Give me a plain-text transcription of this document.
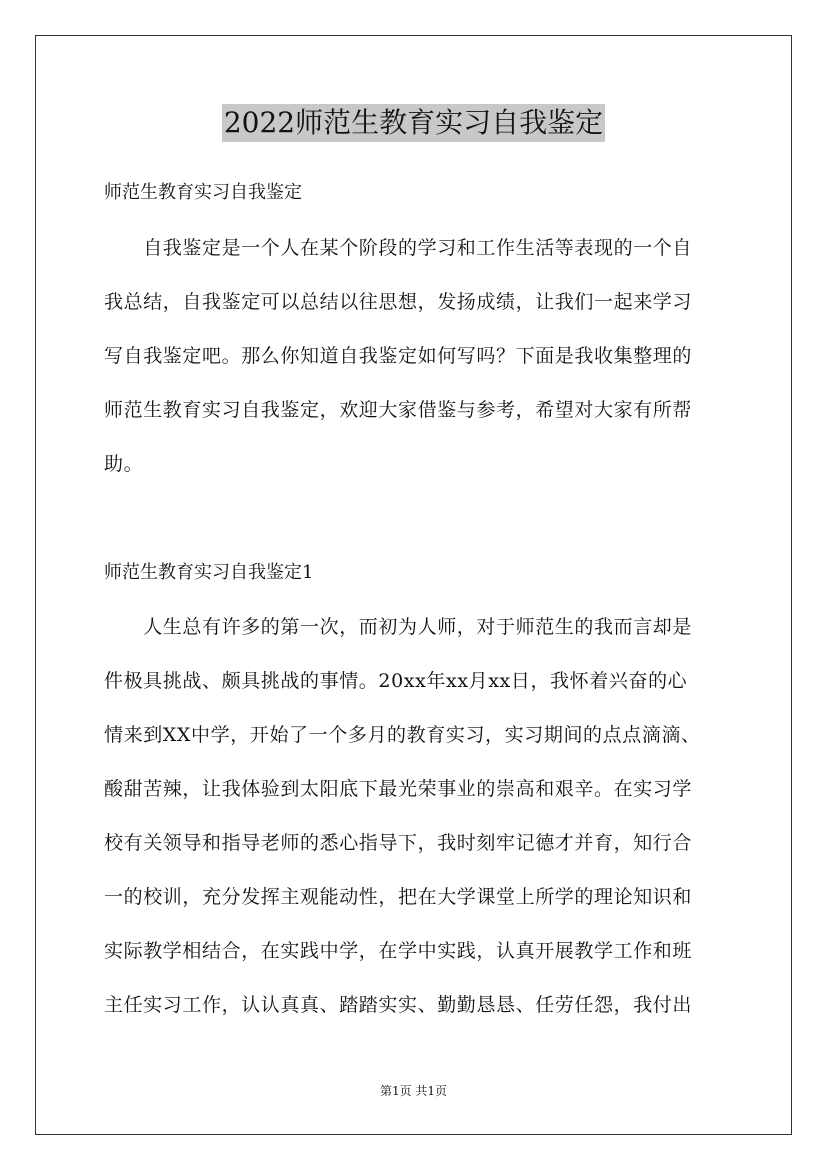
2022师范生教育实习自我鉴定
师范生教育实习自我鉴定
　　自我鉴定是一个人在某个阶段的学习和工作生活等表现的一个自
我总结，自我鉴定可以总结以往思想，发扬成绩，让我们一起来学习
写自我鉴定吧。那么你知道自我鉴定如何写吗？下面是我收集整理的
师范生教育实习自我鉴定，欢迎大家借鉴与参考，希望对大家有所帮
助。
师范生教育实习自我鉴定1
　　人生总有许多的第一次，而初为人师，对于师范生的我而言却是
件极具挑战、颇具挑战的事情。20xx年xx月xx日，我怀着兴奋的心
情来到XX中学，开始了一个多月的教育实习，实习期间的点点滴滴、
酸甜苦辣，让我体验到太阳底下最光荣事业的崇高和艰辛。在实习学
校有关领导和指导老师的悉心指导下，我时刻牢记德才并育，知行合
一的校训，充分发挥主观能动性，把在大学课堂上所学的理论知识和
实际教学相结合，在实践中学，在学中实践，认真开展教学工作和班
主任实习工作，认认真真、踏踏实实、勤勤恳恳、任劳任怨，我付出
第1页 共1页
